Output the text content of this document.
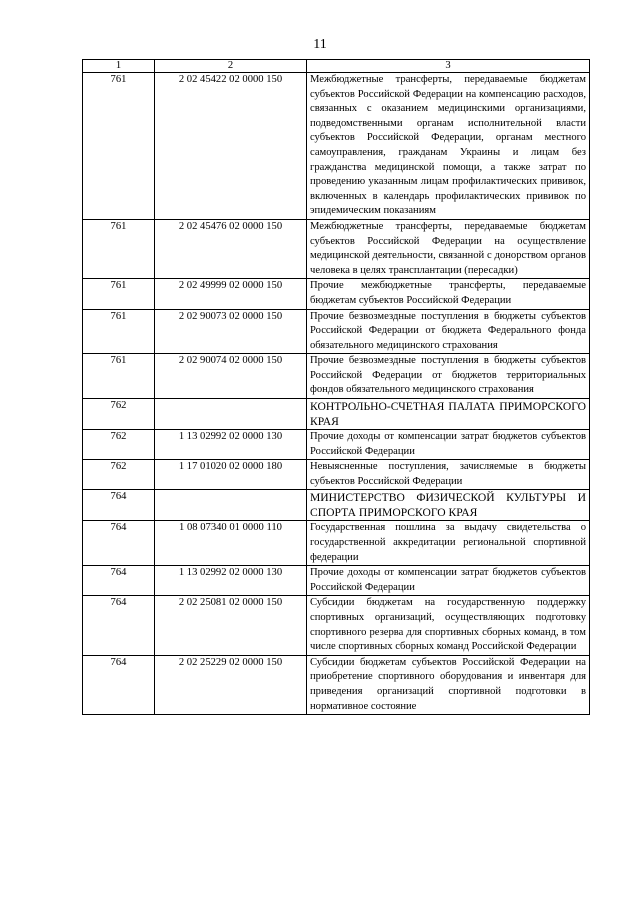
11
1	2	3
761	2 02 45422 02 0000 150	Межбюджетные трансферты, передаваемые бюджетам субъектов Российской Федерации на компенсацию расходов, связанных с оказанием медицинскими организациями, подведомственными органам исполнительной власти субъектов Российской Федерации, органам местного самоуправления, гражданам Украины и лицам без гражданства медицинской помощи, а также затрат по проведению указанным лицам профилактических прививок, включенных в календарь профилактических прививок по эпидемическим показаниям
761	2 02 45476 02 0000 150	Межбюджетные трансферты, передаваемые бюджетам субъектов Российской Федерации на осуществление медицинской деятельности, связанной с донорством органов человека в целях трансплантации (пересадки)
761	2 02 49999 02 0000 150	Прочие межбюджетные трансферты, передаваемые бюджетам субъектов Российской Федерации
761	2 02 90073 02 0000 150	Прочие безвозмездные поступления в бюджеты субъектов Российской Федерации от бюджета Федерального фонда обязательного медицинского страхования
761	2 02 90074 02 0000 150	Прочие безвозмездные поступления в бюджеты субъектов Российской Федерации от бюджетов территориальных фондов обязательного медицинского страхования
762		КОНТРОЛЬНО-СЧЕТНАЯ ПАЛАТА ПРИМОРСКОГО КРАЯ
762	1 13 02992 02 0000 130	Прочие доходы от компенсации затрат бюджетов субъектов Российской Федерации
762	1 17 01020 02 0000 180	Невыясненные поступления, зачисляемые в бюджеты субъектов Российской Федерации
764		МИНИСТЕРСТВО ФИЗИЧЕСКОЙ КУЛЬТУРЫ И СПОРТА ПРИМОРСКОГО КРАЯ
764	1 08 07340 01 0000 110	Государственная пошлина за выдачу свидетельства о государственной аккредитации региональной спортивной федерации
764	1 13 02992 02 0000 130	Прочие доходы от компенсации затрат бюджетов субъектов Российской Федерации
764	2 02 25081 02 0000 150	Субсидии бюджетам на государственную поддержку спортивных организаций, осуществляющих подготовку спортивного резерва для спортивных сборных команд, в том числе спортивных сборных команд Российской Федерации
764	2 02 25229 02 0000 150	Субсидии бюджетам субъектов Российской Федерации на приобретение спортивного оборудования и инвентаря для приведения организаций спортивной подготовки в нормативное состояние
